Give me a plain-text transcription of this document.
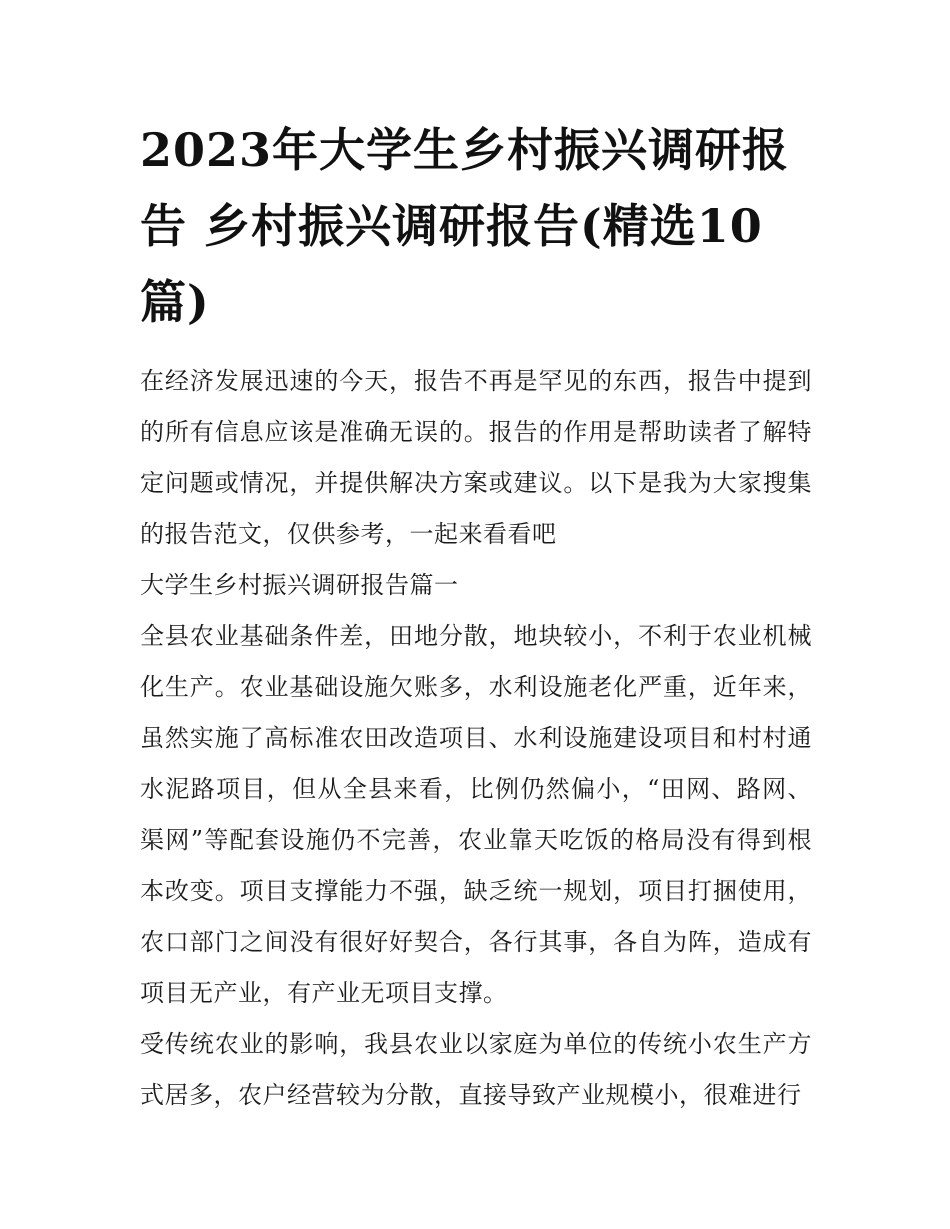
2023年大学生乡村振兴调研报告 乡村振兴调研报告(精选10篇)

在经济发展迅速的今天，报告不再是罕见的东西，报告中提到的所有信息应该是准确无误的。报告的作用是帮助读者了解特定问题或情况，并提供解决方案或建议。以下是我为大家搜集的报告范文，仅供参考，一起来看看吧

大学生乡村振兴调研报告篇一

全县农业基础条件差，田地分散，地块较小，不利于农业机械化生产。农业基础设施欠账多，水利设施老化严重，近年来，虽然实施了高标准农田改造项目、水利设施建设项目和村村通水泥路项目，但从全县来看，比例仍然偏小，“田网、路网、渠网”等配套设施仍不完善，农业靠天吃饭的格局没有得到根本改变。项目支撑能力不强，缺乏统一规划，项目打捆使用，农口部门之间没有很好好契合，各行其事，各自为阵，造成有项目无产业，有产业无项目支撑。

受传统农业的影响，我县农业以家庭为单位的传统小农生产方式居多，农户经营较为分散，直接导致产业规模小，很难进行
